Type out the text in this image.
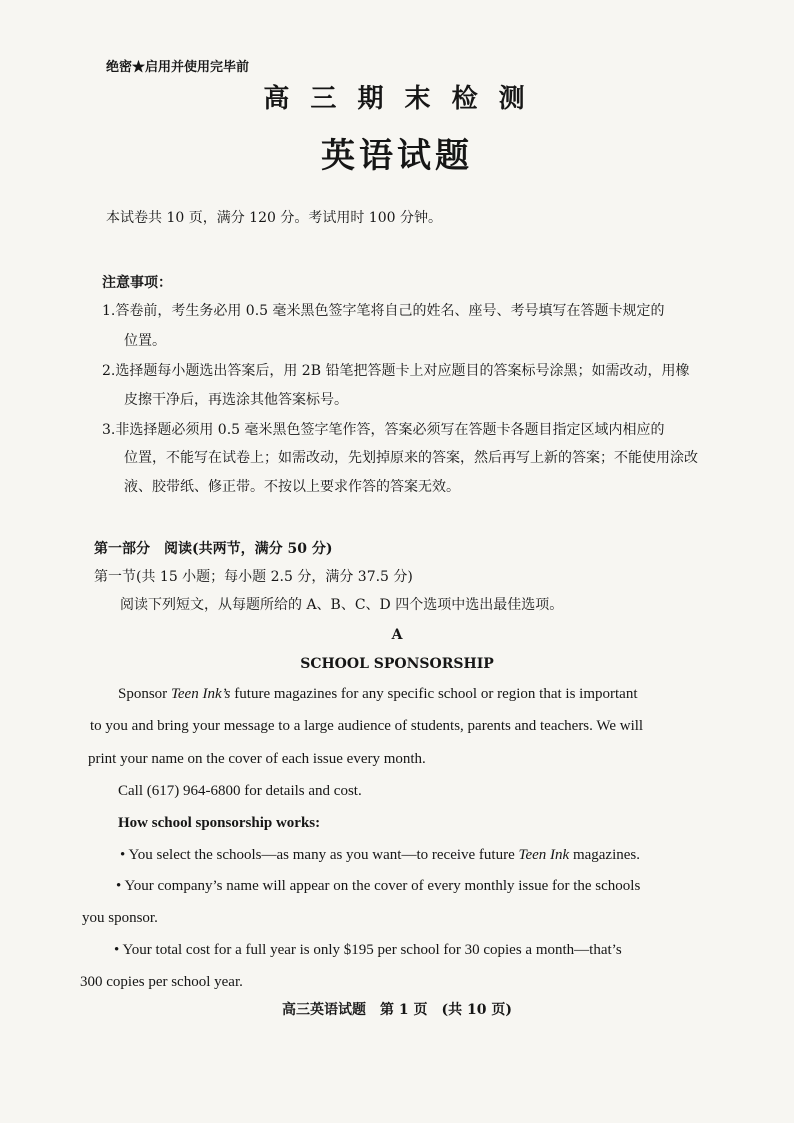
绝密★启用并使用完毕前
高 三 期 末 检 测
英语试题
本试卷共 10 页，满分 120 分。考试用时 100 分钟。
注意事项：
1.答卷前，考生务必用 0.5 毫米黑色签字笔将自己的姓名、座号、考号填写在答题卡规定的
位置。
2.选择题每小题选出答案后，用 2B 铅笔把答题卡上对应题目的答案标号涂黑；如需改动，用橡
皮擦干净后，再选涂其他答案标号。
3.非选择题必须用 0.5 毫米黑色签字笔作答，答案必须写在答题卡各题目指定区域内相应的
位置，不能写在试卷上；如需改动，先划掉原来的答案，然后再写上新的答案；不能使用涂改
液、胶带纸、修正带。不按以上要求作答的答案无效。
第一部分　阅读(共两节，满分 50 分)
第一节(共 15 小题；每小题 2.5 分，满分 37.5 分)
阅读下列短文，从每题所给的 A、B、C、D 四个选项中选出最佳选项。
A
SCHOOL SPONSORSHIP
Sponsor Teen Ink’s future magazines for any specific school or region that is important
to you and bring your message to a large audience of students, parents and teachers. We will
print your name on the cover of each issue every month.
Call (617) 964-6800 for details and cost.
How school sponsorship works:
• You select the schools—as many as you want—to receive future Teen Ink magazines.
• Your company’s name will appear on the cover of every monthly issue for the schools
you sponsor.
• Your total cost for a full year is only $195 per school for 30 copies a month—that’s
300 copies per school year.
高三英语试题　第 1 页　(共 10 页)
